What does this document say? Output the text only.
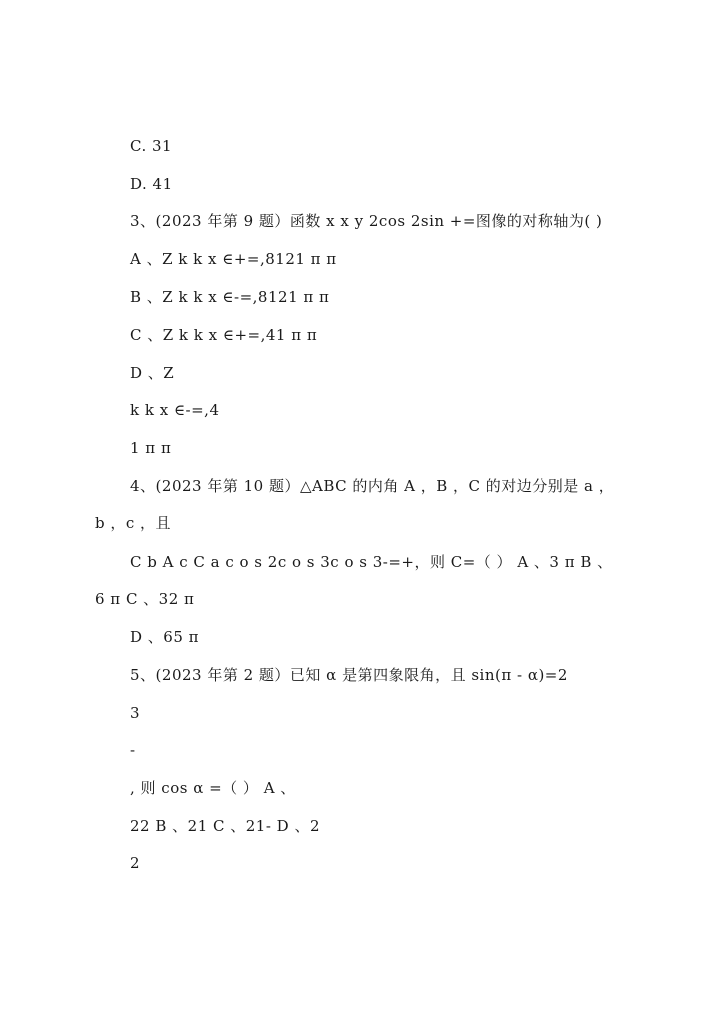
C. 31
D. 41
3、(2023 年第 9 题）函数 x x y 2cos 2sin +=图像的对称轴为( )
A 、Z k k x ∈+=,8121 π π
B 、Z k k x ∈-=,8121 π π
C 、Z k k x ∈+=,41 π π
D 、Z
k k x ∈-=,4
1 π π
4、(2023 年第 10 题）△ABC 的内角 A ，B ，C 的对边分别是 a ，
b ，c ，且
C b A c C a c o s 2c o s 3c o s 3-=+，则 C=（ ） A 、3 π B 、
6 π C 、32 π
D 、65 π
5、(2023 年第 2 题）已知 α 是第四象限角，且 sin(π - α)=2
3
-
, 则 cos α =（ ） A 、
22 B 、21 C 、21- D 、2
2
